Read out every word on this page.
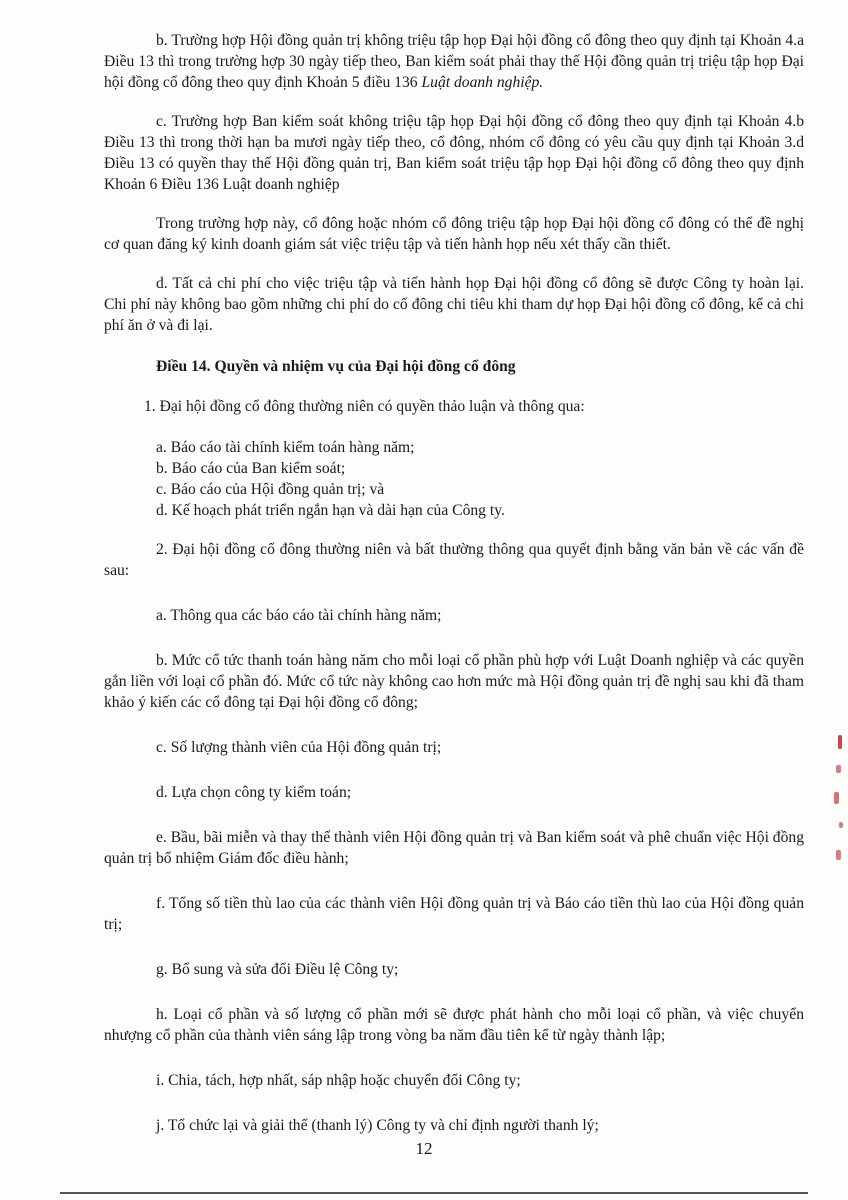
b. Trường hợp Hội đồng quản trị không triệu tập họp Đại hội đồng cổ đông theo quy định tại Khoản 4.a Điều 13 thì trong trường hợp 30 ngày tiếp theo, Ban kiểm soát phải thay thế Hội đồng quản trị triệu tập họp Đại hội đồng cổ đông theo quy định Khoản 5 điều 136 Luật doanh nghiệp.

c. Trường hợp Ban kiểm soát không triệu tập họp Đại hội đồng cổ đông theo quy định tại Khoản 4.b Điều 13 thì trong thời hạn ba mươi ngày tiếp theo, cổ đông, nhóm cổ đông có yêu cầu quy định tại Khoản 3.d Điều 13 có quyền thay thế Hội đồng quản trị, Ban kiểm soát triệu tập họp Đại hội đồng cổ đông theo quy định Khoản 6 Điều 136 Luật doanh nghiệp

Trong trường hợp này, cổ đông hoặc nhóm cổ đông triệu tập họp Đại hội đồng cổ đông có thể đề nghị cơ quan đăng ký kinh doanh giám sát việc triệu tập và tiến hành họp nếu xét thấy cần thiết.

d. Tất cả chi phí cho việc triệu tập và tiến hành họp Đại hội đồng cổ đông sẽ được Công ty hoàn lại. Chi phí này không bao gồm những chi phí do cổ đông chi tiêu khi tham dự họp Đại hội đồng cổ đông, kể cả chi phí ăn ở và đi lại.

Điều 14. Quyền và nhiệm vụ của Đại hội đồng cổ đông

1. Đại hội đồng cổ đông thường niên có quyền thảo luận và thông qua:

a. Báo cáo tài chính kiểm toán hàng năm;
b. Báo cáo của Ban kiểm soát;
c. Báo cáo của Hội đồng quản trị; và
d. Kế hoạch phát triển ngắn hạn và dài hạn của Công ty.

2. Đại hội đồng cổ đông thường niên và bất thường thông qua quyết định bằng văn bản về các vấn đề sau:

a. Thông qua các báo cáo tài chính hàng năm;

b. Mức cổ tức thanh toán hàng năm cho mỗi loại cổ phần phù hợp với Luật Doanh nghiệp và các quyền gắn liền với loại cổ phần đó. Mức cổ tức này không cao hơn mức mà Hội đồng quản trị đề nghị sau khi đã tham khảo ý kiến các cổ đông tại Đại hội đồng cổ đông;

c. Số lượng thành viên của Hội đồng quản trị;

d. Lựa chọn công ty kiểm toán;

e. Bầu, bãi miễn và thay thế thành viên Hội đồng quản trị và Ban kiểm soát và phê chuẩn việc Hội đồng quản trị bổ nhiệm Giám đốc điều hành;

f. Tổng số tiền thù lao của các thành viên Hội đồng quản trị và Báo cáo tiền thù lao của Hội đồng quản trị;

g. Bổ sung và sửa đổi Điều lệ Công ty;

h. Loại cổ phần và số lượng cổ phần mới sẽ được phát hành cho mỗi loại cổ phần, và việc chuyển nhượng cổ phần của thành viên sáng lập trong vòng ba năm đầu tiên kể từ ngày thành lập;

i. Chia, tách, hợp nhất, sáp nhập hoặc chuyển đổi Công ty;

j. Tổ chức lại và giải thể (thanh lý) Công ty và chỉ định người thanh lý;

12
